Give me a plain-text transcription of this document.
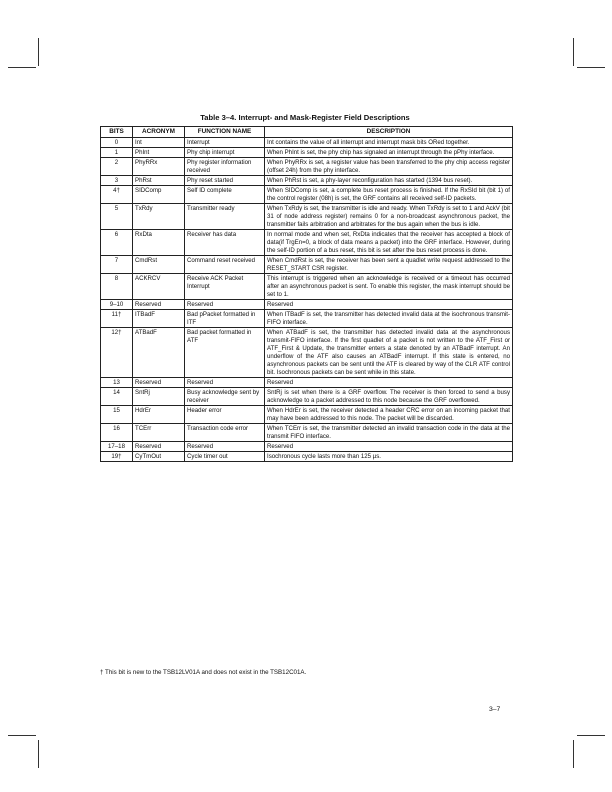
Table 3–4. Interrupt- and Mask-Register Field Descriptions
BITS	ACRONYM	FUNCTION NAME	DESCRIPTION
0	Int	Interrupt	Int contains the value of all interrupt and interrupt mask bits ORed together.
1	PhInt	Phy chip interrupt	When PhInt is set, the phy chip has signaled an interrupt through the pPhy interface.
2	PhyRRx	Phy register information received	When PhyRRx is set, a register value has been transferred to the phy chip access register (offset 24h) from the phy interface.
3	PhRst	Phy reset started	When PhRst is set, a phy-layer reconfiguration has started (1394 bus reset).
4†	SIDComp	Self ID complete	When SIDComp is set, a complete bus reset process is finished. If the RxSId bit (bit 1) of the control register (08h) is set, the GRF contains all received self-ID packets.
5	TxRdy	Transmitter ready	When TxRdy is set, the transmitter is idle and ready. When TxRdy is set to 1 and AckV (bit 31 of node address register) remains 0 for a non-broadcast asynchronous packet, the transmitter fails arbitration and arbitrates for the bus again when the bus is idle.
6	RxDta	Receiver has data	In normal mode and when set, RxDta indicates that the receiver has accepted a block of data(if TrgEn=0, a block of data means a packet) into the GRF interface. However, during the self-ID portion of a bus reset, this bit is set after the bus reset process is done.
7	CmdRst	Command reset received	When CmdRst is set, the receiver has been sent a quadlet write request addressed to the RESET_START CSR register.
8	ACKRCV	Receive ACK Packet Interrupt	This interrupt is triggered when an acknowledge is received or a timeout has occurred after an asynchronous packet is sent. To enable this register, the mask interrupt should be set to 1.
9–10	Reserved	Reserved	Reserved
11†	ITBadF	Bad pPacket formatted in ITF	When ITBadF is set, the transmitter has detected invalid data at the isochronous transmit-FIFO interface.
12†	ATBadF	Bad packet formatted in ATF	When ATBadF is set, the transmitter has detected invalid data at the asynchronous transmit-FIFO interface. If the first quadlet of a packet is not written to the ATF_First or ATF_First & Update, the transmitter enters a state denoted by an ATBadF interrupt. An underflow of the ATF also causes an ATBadF interrupt. If this state is entered, no asynchronous packets can be sent until the ATF is cleared by way of the CLR ATF control bit. Isochronous packets can be sent while in this state.
13	Reserved	Reserved	Reserved
14	SntRj	Busy acknowledge sent by receiver	SntRj is set when there is a GRF overflow. The receiver is then forced to send a busy acknowledge to a packet addressed to this node because the GRF overflowed.
15	HdrEr	Header error	When HdrEr is set, the receiver detected a header CRC error on an incoming packet that may have been addressed to this node. The packet will be discarded.
16	TCErr	Transaction code error	When TCErr is set, the transmitter detected an invalid transaction code in the data at the transmit FIFO interface.
17–18	Reserved	Reserved	Reserved
19†	CyTmOut	Cycle timer out	Isochronous cycle lasts more than 125 µs.
† This bit is new to the TSB12LV01A and does not exist in the TSB12C01A.
3–7
